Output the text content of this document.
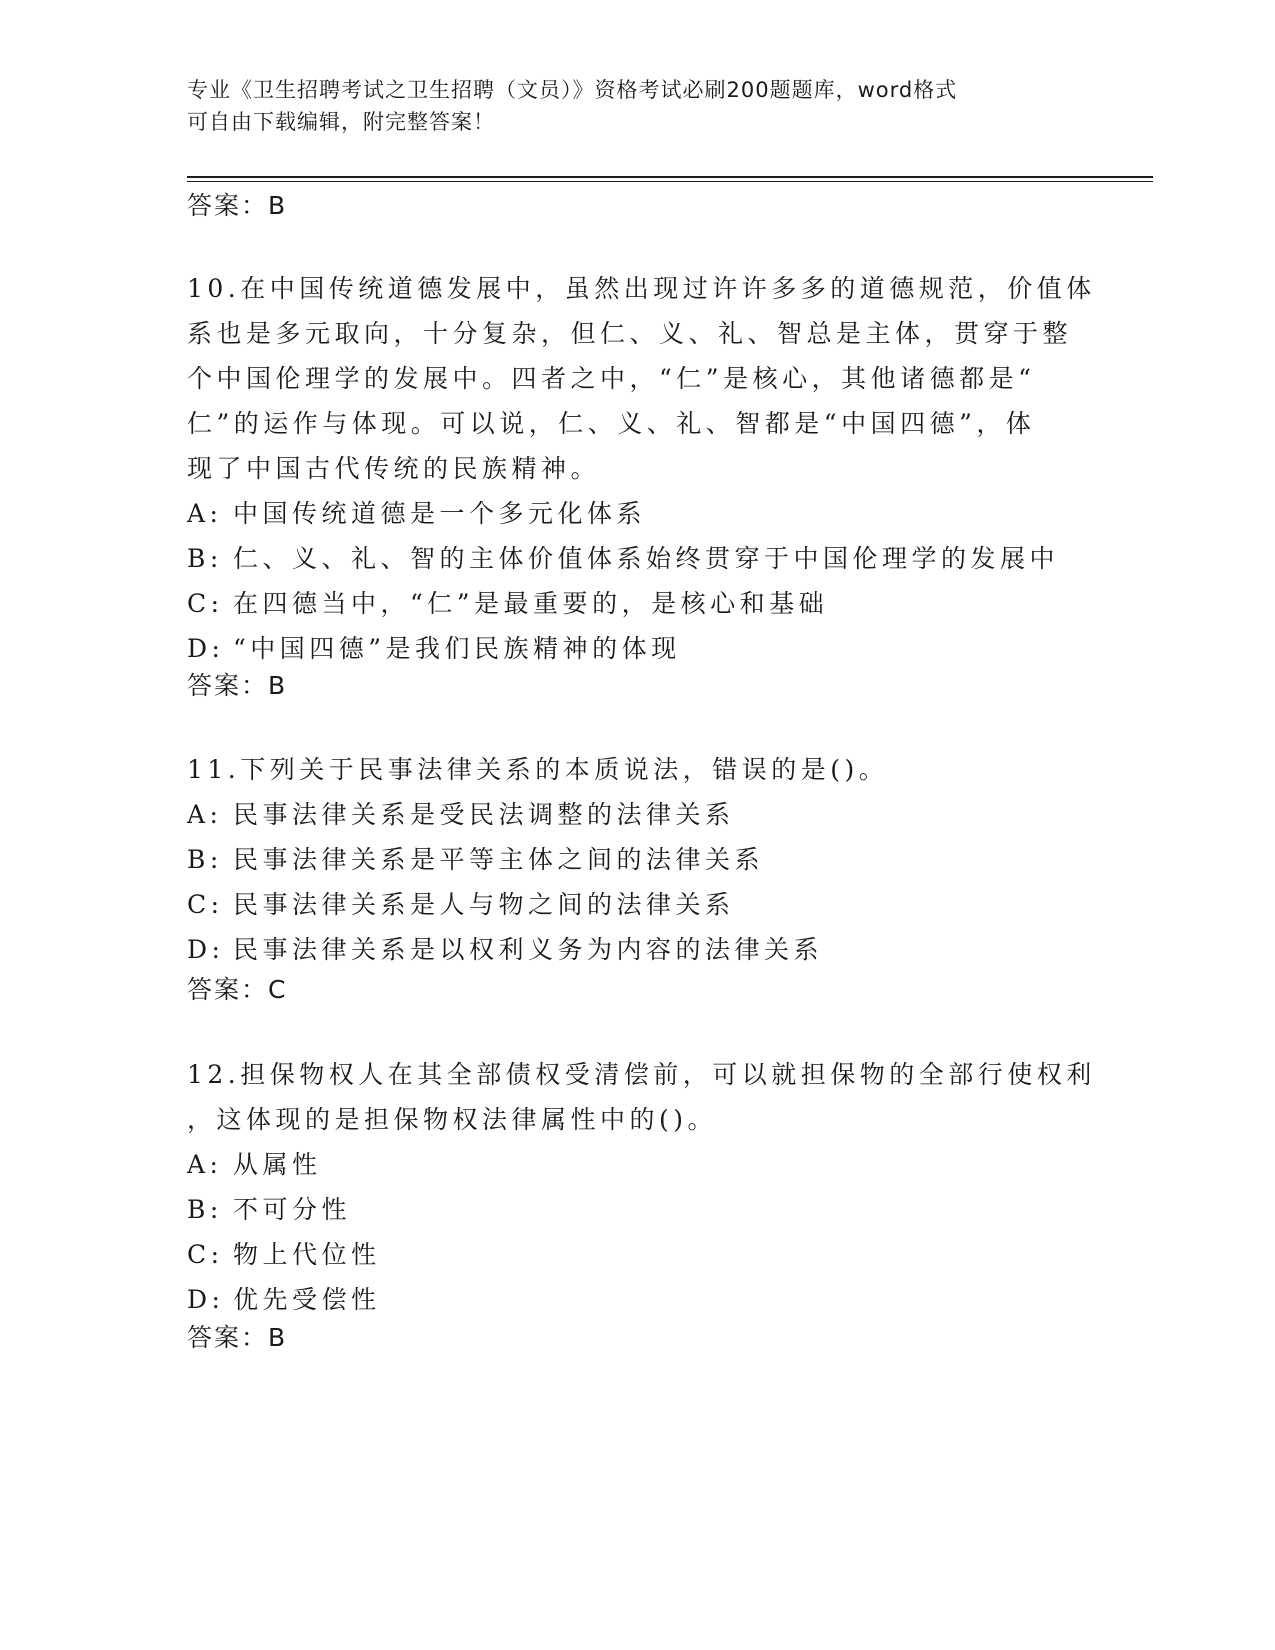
专业《卫生招聘考试之卫生招聘（文员）》资格考试必刷200题题库，word格式
可自由下载编辑，附完整答案！
答案：B
10.在中国传统道德发展中，虽然出现过许许多多的道德规范，价值体
系也是多元取向，十分复杂，但仁、义、礼、智总是主体，贯穿于整
个中国伦理学的发展中。四者之中，“仁”是核心，其他诸德都是“
仁”的运作与体现。可以说，仁、义、礼、智都是“中国四德”，体
现了中国古代传统的民族精神。
A: 中国传统道德是一个多元化体系
B: 仁、义、礼、智的主体价值体系始终贯穿于中国伦理学的发展中
C: 在四德当中，“仁”是最重要的，是核心和基础
D: “中国四德”是我们民族精神的体现
答案：B
11.下列关于民事法律关系的本质说法，错误的是()。
A: 民事法律关系是受民法调整的法律关系
B: 民事法律关系是平等主体之间的法律关系
C: 民事法律关系是人与物之间的法律关系
D: 民事法律关系是以权利义务为内容的法律关系
答案：C
12.担保物权人在其全部债权受清偿前，可以就担保物的全部行使权利
，这体现的是担保物权法律属性中的()。
A: 从属性
B: 不可分性
C: 物上代位性
D: 优先受偿性
答案：B
